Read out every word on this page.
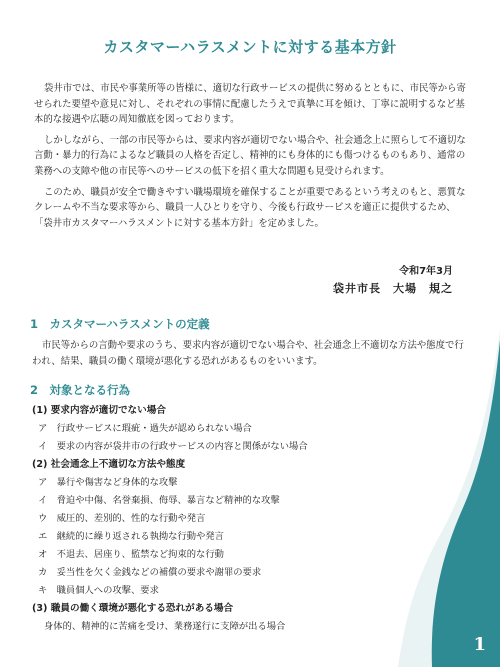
カスタマーハラスメントに対する基本方針

袋井市では、市民や事業所等の皆様に、適切な行政サービスの提供に努めるとともに、市民等から寄せられた要望や意見に対し、それぞれの事情に配慮したうえで真摯に耳を傾け、丁寧に説明するなど基本的な接遇や広聴の周知徹底を図っております。

しかしながら、一部の市民等からは、要求内容が適切でない場合や、社会通念上に照らして不適切な言動・暴力的行為によるなど職員の人格を否定し、精神的にも身体的にも傷つけるものもあり、通常の業務への支障や他の市民等へのサービスの低下を招く重大な問題も見受けられます。

このため、職員が安全で働きやすい職場環境を確保することが重要であるという考えのもと、悪質なクレームや不当な要求等から、職員一人ひとりを守り、今後も行政サービスを適正に提供するため、「袋井市カスタマーハラスメントに対する基本方針」を定めました。

令和7年3月
袋井市長　大場　規之
1　カスタマーハラスメントの定義

市民等からの言動や要求のうち、要求内容が適切でない場合や、社会通念上不適切な方法や態度で行われ、結果、職員の働く環境が悪化する恐れがあるものをいいます。

2　対象となる行為
(1) 要求内容が適切でない場合
ア　行政サービスに瑕疵・過失が認められない場合
イ　要求の内容が袋井市の行政サービスの内容と関係がない場合
(2) 社会通念上不適切な方法や態度
ア　暴行や傷害など身体的な攻撃
イ　脅迫や中傷、名誉棄損、侮辱、暴言など精神的な攻撃
ウ　威圧的、差別的、性的な行動や発言
エ　継続的に繰り返される執拗な行動や発言
オ　不退去、居座り、監禁など拘束的な行動
カ　妥当性を欠く金銭などの補償の要求や謝罪の要求
キ　職員個人への攻撃、要求
(3) 職員の働く環境が悪化する恐れがある場合
身体的、精神的に苦痛を受け、業務遂行に支障が出る場合
1
